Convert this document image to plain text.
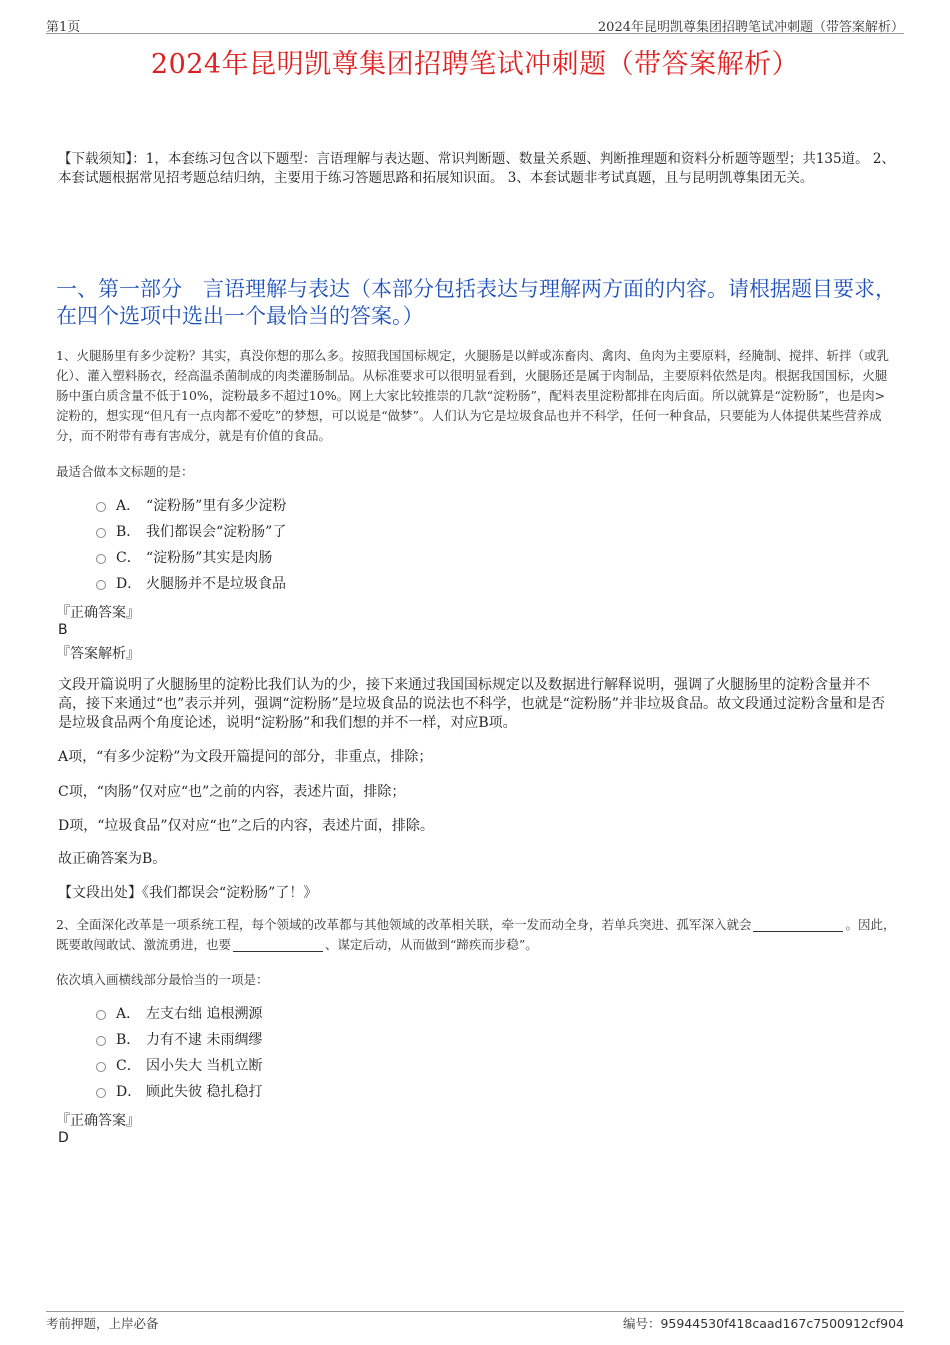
第1页	2024年昆明凯尊集团招聘笔试冲刺题（带答案解析）
2024年昆明凯尊集团招聘笔试冲刺题（带答案解析）
【下载须知】：1，本套练习包含以下题型：言语理解与表达题、常识判断题、数量关系题、判断推理题和资料分析题等题型；共135道。 2、本套试题根据常见招考题总结归纳，主要用于练习答题思路和拓展知识面。 3、本套试题非考试真题，且与昆明凯尊集团无关。
一、第一部分　言语理解与表达（本部分包括表达与理解两方面的内容。请根据题目要求，在四个选项中选出一个最恰当的答案。）
1、火腿肠里有多少淀粉？其实，真没你想的那么多。按照我国国标规定，火腿肠是以鲜或冻畜肉、禽肉、鱼肉为主要原料，经腌制、搅拌、斩拌（或乳化）、灌入塑料肠衣，经高温杀菌制成的肉类灌肠制品。从标准要求可以很明显看到，火腿肠还是属于肉制品，主要原料依然是肉。根据我国国标，火腿肠中蛋白质含量不低于10%，淀粉最多不超过10%。网上大家比较推崇的几款“淀粉肠”，配料表里淀粉都排在肉后面。所以就算是“淀粉肠”，也是肉>淀粉的，想实现“但凡有一点肉都不爱吃”的梦想，可以说是“做梦”。人们认为它是垃圾食品也并不科学，任何一种食品，只要能为人体提供某些营养成分，而不附带有毒有害成分，就是有价值的食品。
最适合做本文标题的是：
A． “淀粉肠”里有多少淀粉
B． 我们都误会“淀粉肠”了
C． “淀粉肠”其实是肉肠
D． 火腿肠并不是垃圾食品
『正确答案』
B
『答案解析』
文段开篇说明了火腿肠里的淀粉比我们认为的少，接下来通过我国国标规定以及数据进行解释说明，强调了火腿肠里的淀粉含量并不高，接下来通过“也”表示并列，强调“淀粉肠”是垃圾食品的说法也不科学，也就是“淀粉肠”并非垃圾食品。故文段通过淀粉含量和是否是垃圾食品两个角度论述，说明“淀粉肠”和我们想的并不一样，对应B项。
A项，“有多少淀粉”为文段开篇提问的部分，非重点，排除；
C项，“肉肠”仅对应“也”之前的内容，表述片面，排除；
D项，“垃圾食品”仅对应“也”之后的内容，表述片面，排除。
故正确答案为B。
【文段出处】《我们都误会“淀粉肠”了！》
2、全面深化改革是一项系统工程，每个领域的改革都与其他领域的改革相关联，牵一发而动全身，若单兵突进、孤军深入就会	。因此，既要敢闯敢试、激流勇进，也要	、谋定后动，从而做到“蹄疾而步稳”。
依次填入画横线部分最恰当的一项是：
A． 左支右绌 追根溯源
B． 力有不逮 未雨绸缪
C． 因小失大 当机立断
D． 顾此失彼 稳扎稳打
『正确答案』
D
考前押题，上岸必备	编号：95944530f418caad167c7500912cf904
